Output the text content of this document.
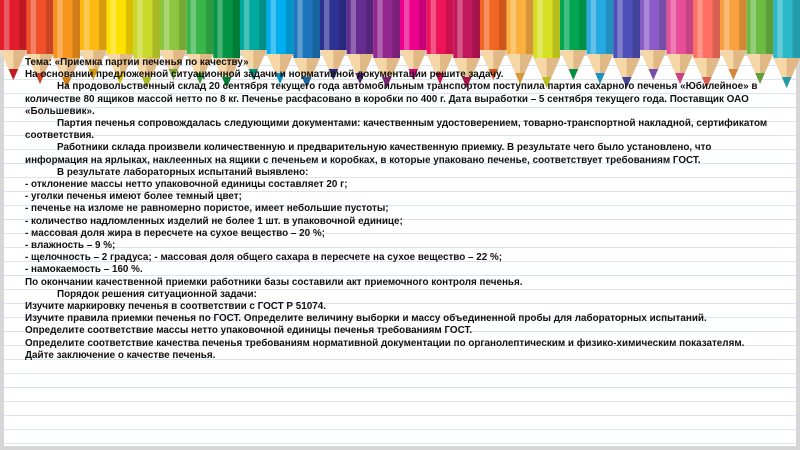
Тема: «Приемка партии печенья по качеству»

На основании предложенной ситуационной задачи и нормативной документации решите задачу.

На продовольственный склад 20 сентября текущего года автомобильным транспортом поступила партия сахарного печенья «Юбилейное» в количестве 80 ящиков массой нетто по 8 кг. Печенье расфасовано в коробки по 400 г. Дата выработки – 5 сентября текущего года. Поставщик ОАО «Большевик».

Партия печенья сопровождалась следующими документами: качественным удостоверением, товарно-транспортной накладной, сертификатом соответствия.

Работники склада произвели количественную и предварительную качественную приемку. В результате чего было установлено, что информация на ярлыках, наклеенных на ящики с печеньем и коробках, в которые упаковано печенье, соответствует требованиям ГОСТ.

В результате лабораторных испытаний выявлено:

- отклонение массы нетто упаковочной единицы составляет 20 г;

- уголки печенья имеют более темный цвет;

- печенье на изломе не равномерно пористое, имеет небольшие пустоты;

- количество надломленных изделий не более 1 шт. в упаковочной единице;

- массовая доля жира в пересчете на сухое вещество – 20 %;

- влажность – 9 %;

- щелочность – 2 градуса; - массовая доля общего сахара в пересчете на сухое вещество – 22 %;

- намокаемость – 160 %.

По окончании качественной приемки работники базы составили акт приемочного контроля печенья.

Порядок решения ситуационной задачи:

Изучите маркировку печенья в соответствии с ГОСТ Р 51074.

Изучите правила приемки печенья по ГОСТ. Определите величину выборки и массу объединенной пробы для лабораторных испытаний.

Определите соответствие массы нетто упаковочной единицы печенья требованиям ГОСТ.

Определите соответствие качества печенья требованиям нормативной документации по органолептическим и физико-химическим показателям.

Дайте заключение о качестве печенья.
